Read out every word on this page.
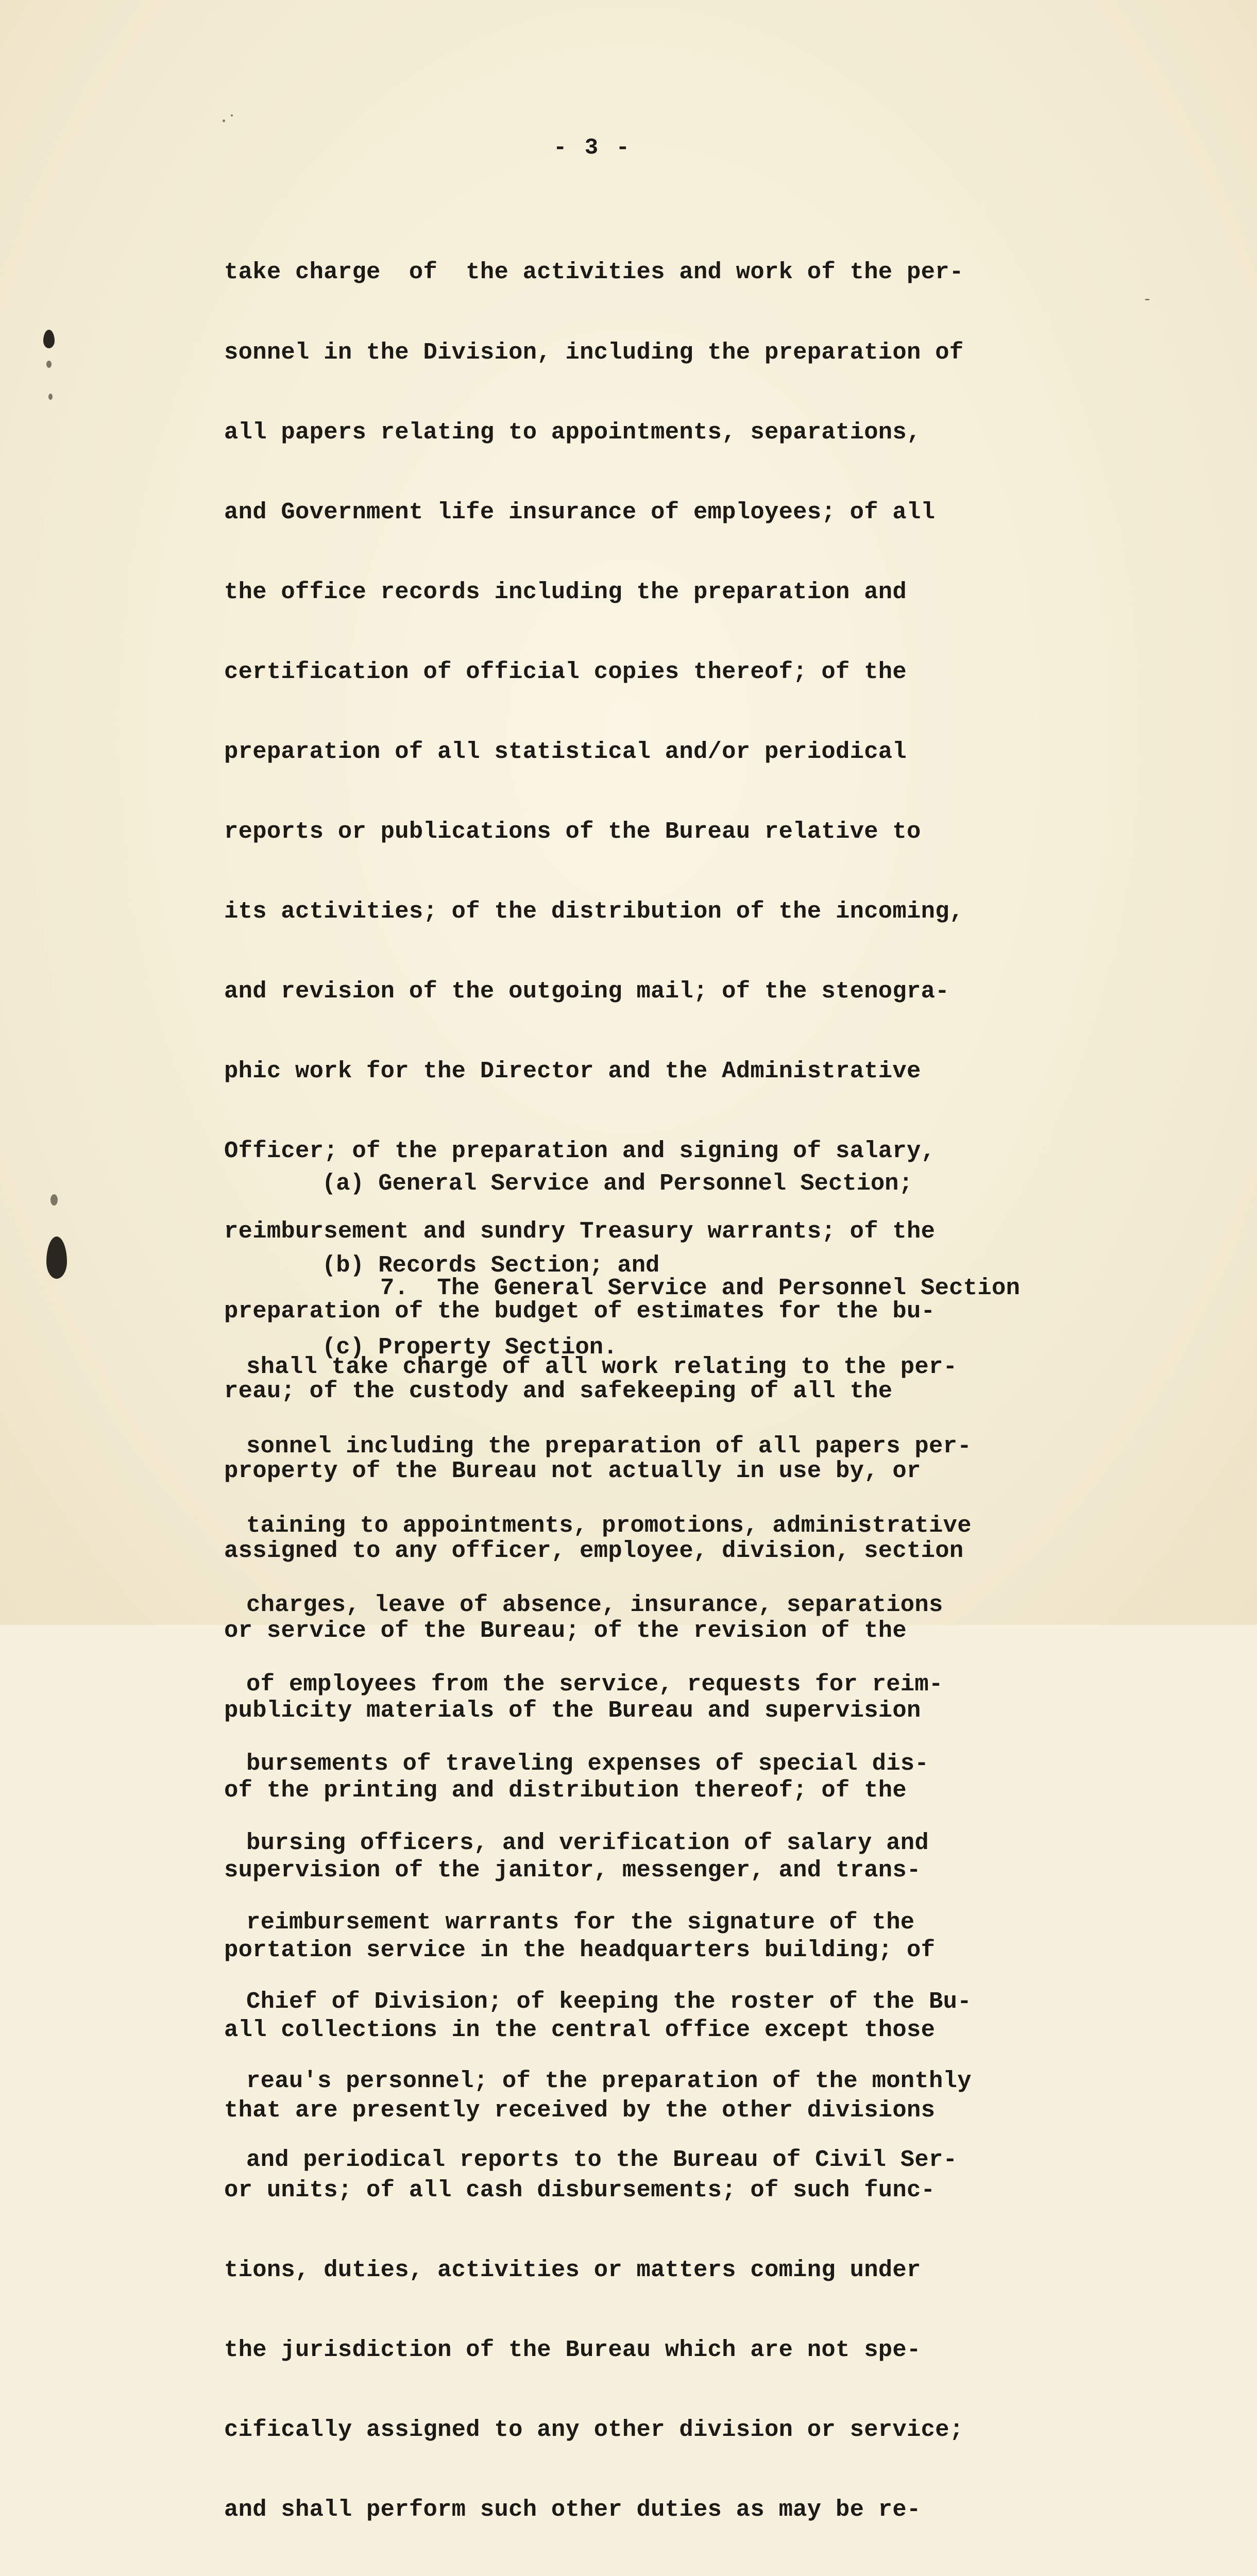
- 3 -

take charge  of  the activities and work of the per-

sonnel in the Division, including the preparation of

all papers relating to appointments, separations,

and Government life insurance of employees; of all

the office records including the preparation and

certification of official copies thereof; of the

preparation of all statistical and/or periodical

reports or publications of the Bureau relative to

its activities; of the distribution of the incoming,

and revision of the outgoing mail; of the stenogra-

phic work for the Director and the Administrative

Officer; of the preparation and signing of salary,

reimbursement and sundry Treasury warrants; of the

preparation of the budget of estimates for the bu-

reau; of the custody and safekeeping of all the

property of the Bureau not actually in use by, or

assigned to any officer, employee, division, section

or service of the Bureau; of the revision of the

publicity materials of the Bureau and supervision

of the printing and distribution thereof; of the

supervision of the janitor, messenger, and trans-

portation service in the headquarters building; of

all collections in the central office except those

that are presently received by the other divisions

or units; of all cash disbursements; of such func-

tions, duties, activities or matters coming under

the jurisdiction of the Bureau which are not spe-

cifically assigned to any other division or service;

and shall perform such other duties as may be re-

(a) General Service and Personnel Section;

(b) Records Section; and

(c) Property Section.

7.  The General Service and Personnel Section

shall take charge of all work relating to the per-

sonnel including the preparation of all papers per-

taining to appointments, promotions, administrative

charges, leave of absence, insurance, separations

of employees from the service, requests for reim-

bursements of traveling expenses of special dis-

bursing officers, and verification of salary and

reimbursement warrants for the signature of the

Chief of Division; of keeping the roster of the Bu-

reau's personnel; of the preparation of the monthly

and periodical reports to the Bureau of Civil Ser-
